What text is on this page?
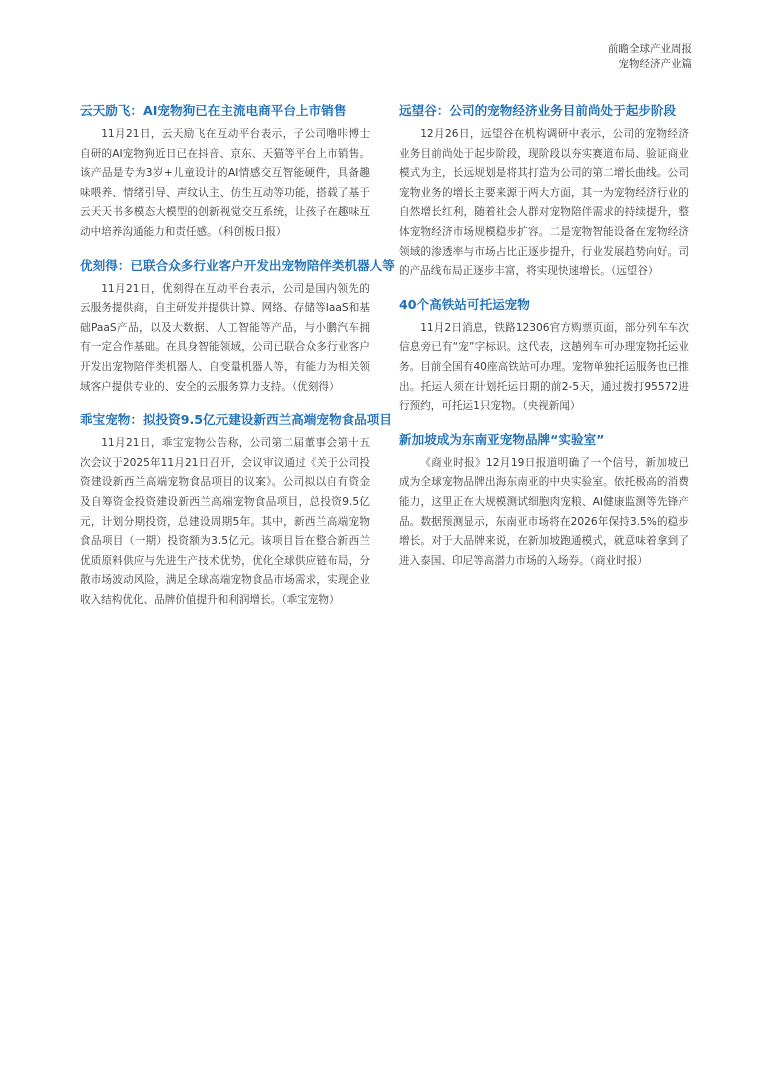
前瞻全球产业周报
宠物经济产业篇
云天励飞：AI宠物狗已在主流电商平台上市销售

11月21日，云天励飞在互动平台表示，子公司噜咔博士自研的AI宠物狗近日已在抖音、京东、天猫等平台上市销售。该产品是专为3岁+儿童设计的AI情感交互智能硬件，具备趣味喂养、情绪引导、声纹认主、仿生互动等功能，搭载了基于云天天书多模态大模型的创新视觉交互系统，让孩子在趣味互动中培养沟通能力和责任感。（科创板日报）

优刻得：已联合众多行业客户开发出宠物陪伴类机器人等

11月21日，优刻得在互动平台表示，公司是国内领先的云服务提供商，自主研发并提供计算、网络、存储等IaaS和基础PaaS产品，以及大数据、人工智能等产品，与小鹏汽车拥有一定合作基础。在具身智能领域，公司已联合众多行业客户开发出宠物陪伴类机器人、自变量机器人等，有能力为相关领域客户提供专业的、安全的云服务算力支持。（优刻得）

乖宝宠物：拟投资9.5亿元建设新西兰高端宠物食品项目

11月21日，乖宝宠物公告称，公司第二届董事会第十五次会议于2025年11月21日召开，会议审议通过《关于公司投资建设新西兰高端宠物食品项目的议案》。公司拟以自有资金及自筹资金投资建设新西兰高端宠物食品项目，总投资9.5亿元，计划分期投资，总建设周期5年。其中，新西兰高端宠物食品项目（一期）投资额为3.5亿元。该项目旨在整合新西兰优质原料供应与先进生产技术优势，优化全球供应链布局，分散市场波动风险，满足全球高端宠物食品市场需求，实现企业收入结构优化、品牌价值提升和利润增长。（乖宝宠物）

远望谷：公司的宠物经济业务目前尚处于起步阶段

12月26日，远望谷在机构调研中表示，公司的宠物经济业务目前尚处于起步阶段，现阶段以夯实赛道布局、验证商业模式为主，长远规划是将其打造为公司的第二增长曲线。公司宠物业务的增长主要来源于两大方面，其一为宠物经济行业的自然增长红利，随着社会人群对宠物陪伴需求的持续提升，整体宠物经济市场规模稳步扩容。二是宠物智能设备在宠物经济领域的渗透率与市场占比正逐步提升，行业发展趋势向好。司的产品线布局正逐步丰富，将实现快速增长。（远望谷）

40个高铁站可托运宠物

11月2日消息，铁路12306官方购票页面，部分列车车次信息旁已有“宠”字标识。这代表，这趟列车可办理宠物托运业务。目前全国有40座高铁站可办理。宠物单独托运服务也已推出。托运人须在计划托运日期的前2-5天，通过拨打95572进行预约，可托运1只宠物。（央视新闻）

新加坡成为东南亚宠物品牌“实验室”

《商业时报》12月19日报道明确了一个信号，新加坡已成为全球宠物品牌出海东南亚的中央实验室。依托极高的消费能力，这里正在大规模测试细胞肉宠粮、AI健康监测等先锋产品。数据预测显示，东南亚市场将在2026年保持3.5%的稳步增长。对于大品牌来说，在新加坡跑通模式，就意味着拿到了进入泰国、印尼等高潜力市场的入场券。（商业时报）
